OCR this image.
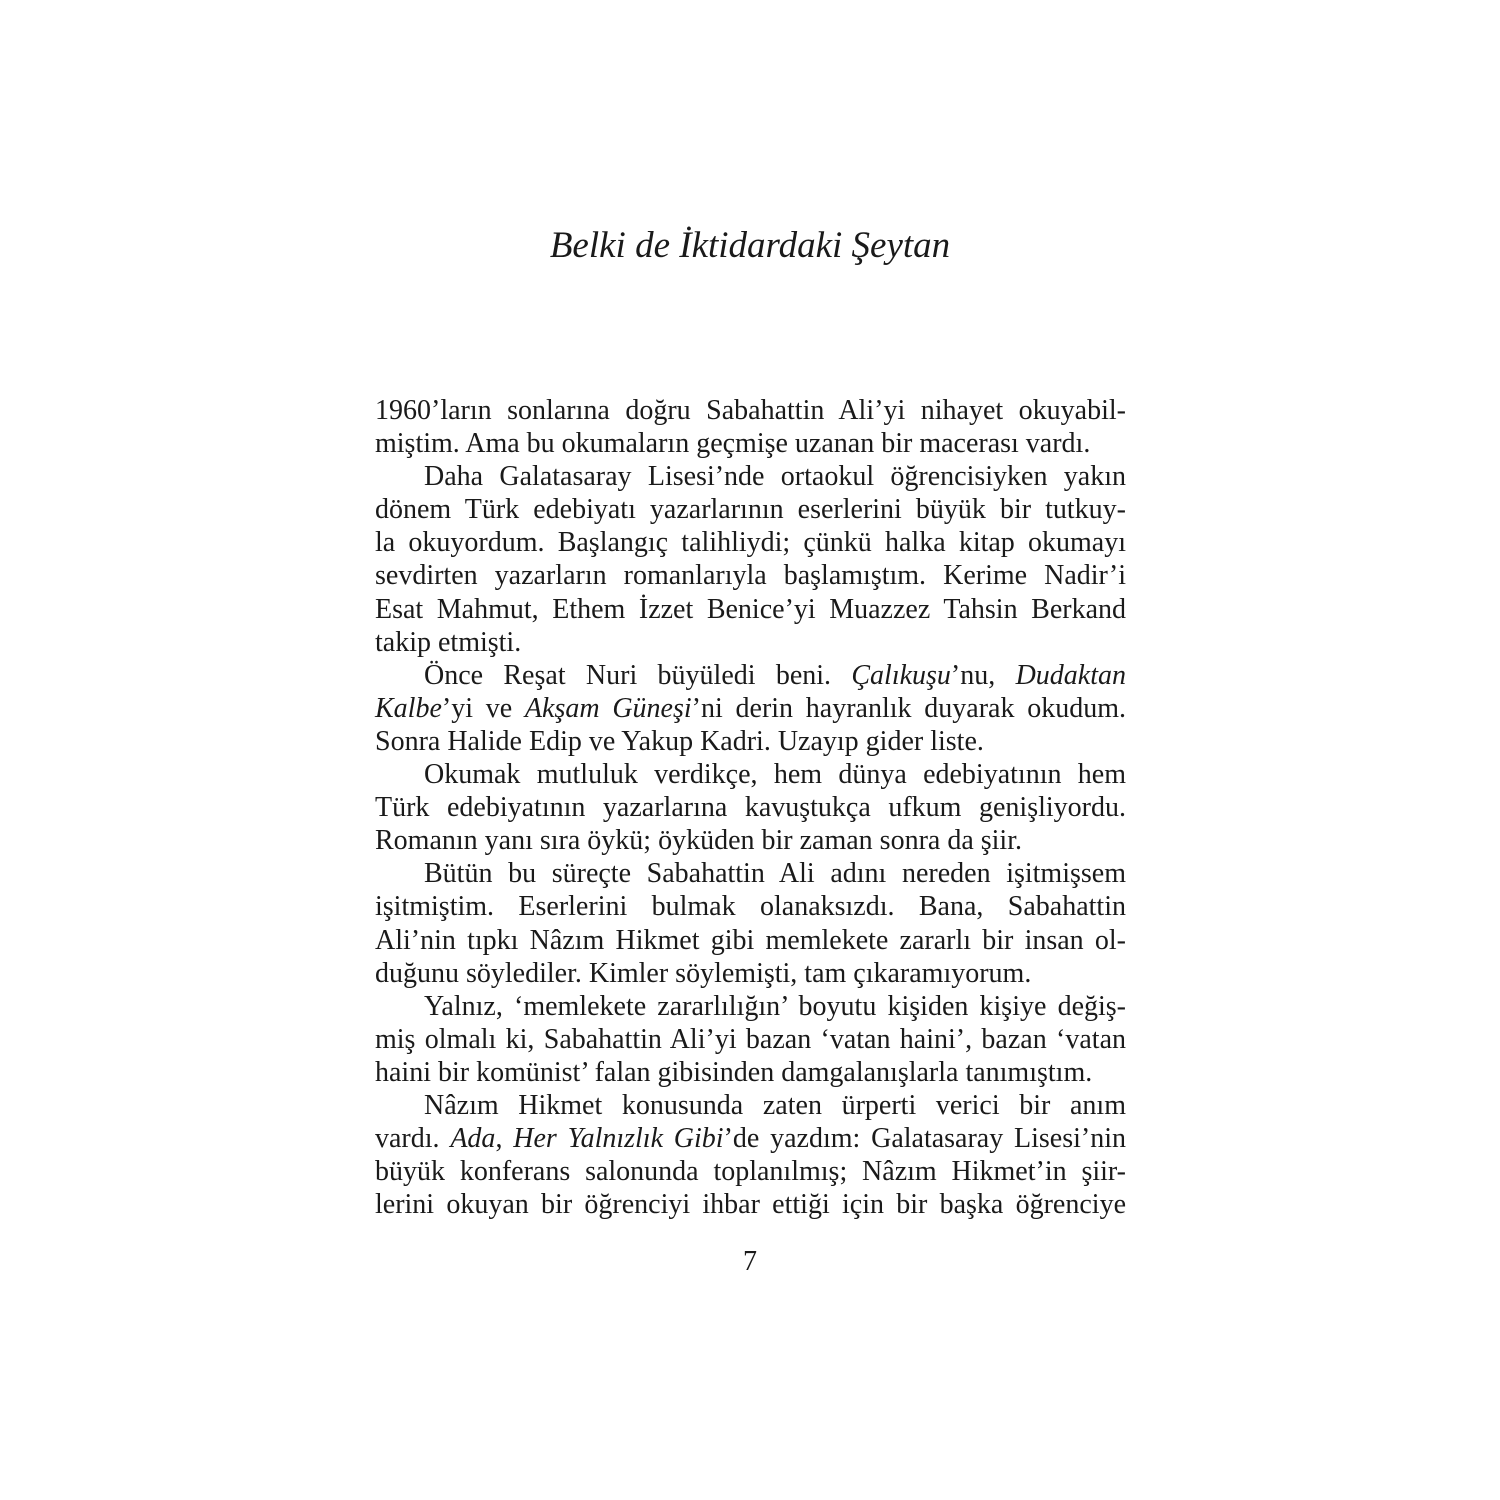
Belki de İktidardaki Şeytan
1960’ların sonlarına doğru Sabahattin Ali’yi nihayet okuyabil-
miştim. Ama bu okumaların geçmişe uzanan bir macerası vardı.
Daha Galatasaray Lisesi’nde ortaokul öğrencisiyken yakın
dönem Türk edebiyatı yazarlarının eserlerini büyük bir tutkuy-
la okuyordum. Başlangıç talihliydi; çünkü halka kitap okumayı
sevdirten yazarların romanlarıyla başlamıştım. Kerime Nadir’i
Esat Mahmut, Ethem İzzet Benice’yi Muazzez Tahsin Berkand
takip etmişti.
Önce Reşat Nuri büyüledi beni. Çalıkuşu’nu, Dudaktan
Kalbe’yi ve Akşam Güneşi’ni derin hayranlık duyarak okudum.
Sonra Halide Edip ve Yakup Kadri. Uzayıp gider liste.
Okumak mutluluk verdikçe, hem dünya edebiyatının hem
Türk edebiyatının yazarlarına kavuştukça ufkum genişliyordu.
Romanın yanı sıra öykü; öyküden bir zaman sonra da şiir.
Bütün bu süreçte Sabahattin Ali adını nereden işitmişsem
işitmiştim. Eserlerini bulmak olanaksızdı. Bana, Sabahattin
Ali’nin tıpkı Nâzım Hikmet gibi memlekete zararlı bir insan ol-
duğunu söylediler. Kimler söylemişti, tam çıkaramıyorum.
Yalnız, ‘memlekete zararlılığın’ boyutu kişiden kişiye değiş-
miş olmalı ki, Sabahattin Ali’yi bazan ‘vatan haini’, bazan ‘vatan
haini bir komünist’ falan gibisinden damgalanışlarla tanımıştım.
Nâzım Hikmet konusunda zaten ürperti verici bir anım
vardı. Ada, Her Yalnızlık Gibi’de yazdım: Galatasaray Lisesi’nin
büyük konferans salonunda toplanılmış; Nâzım Hikmet’in şiir-
lerini okuyan bir öğrenciyi ihbar ettiği için bir başka öğrenciye
7
